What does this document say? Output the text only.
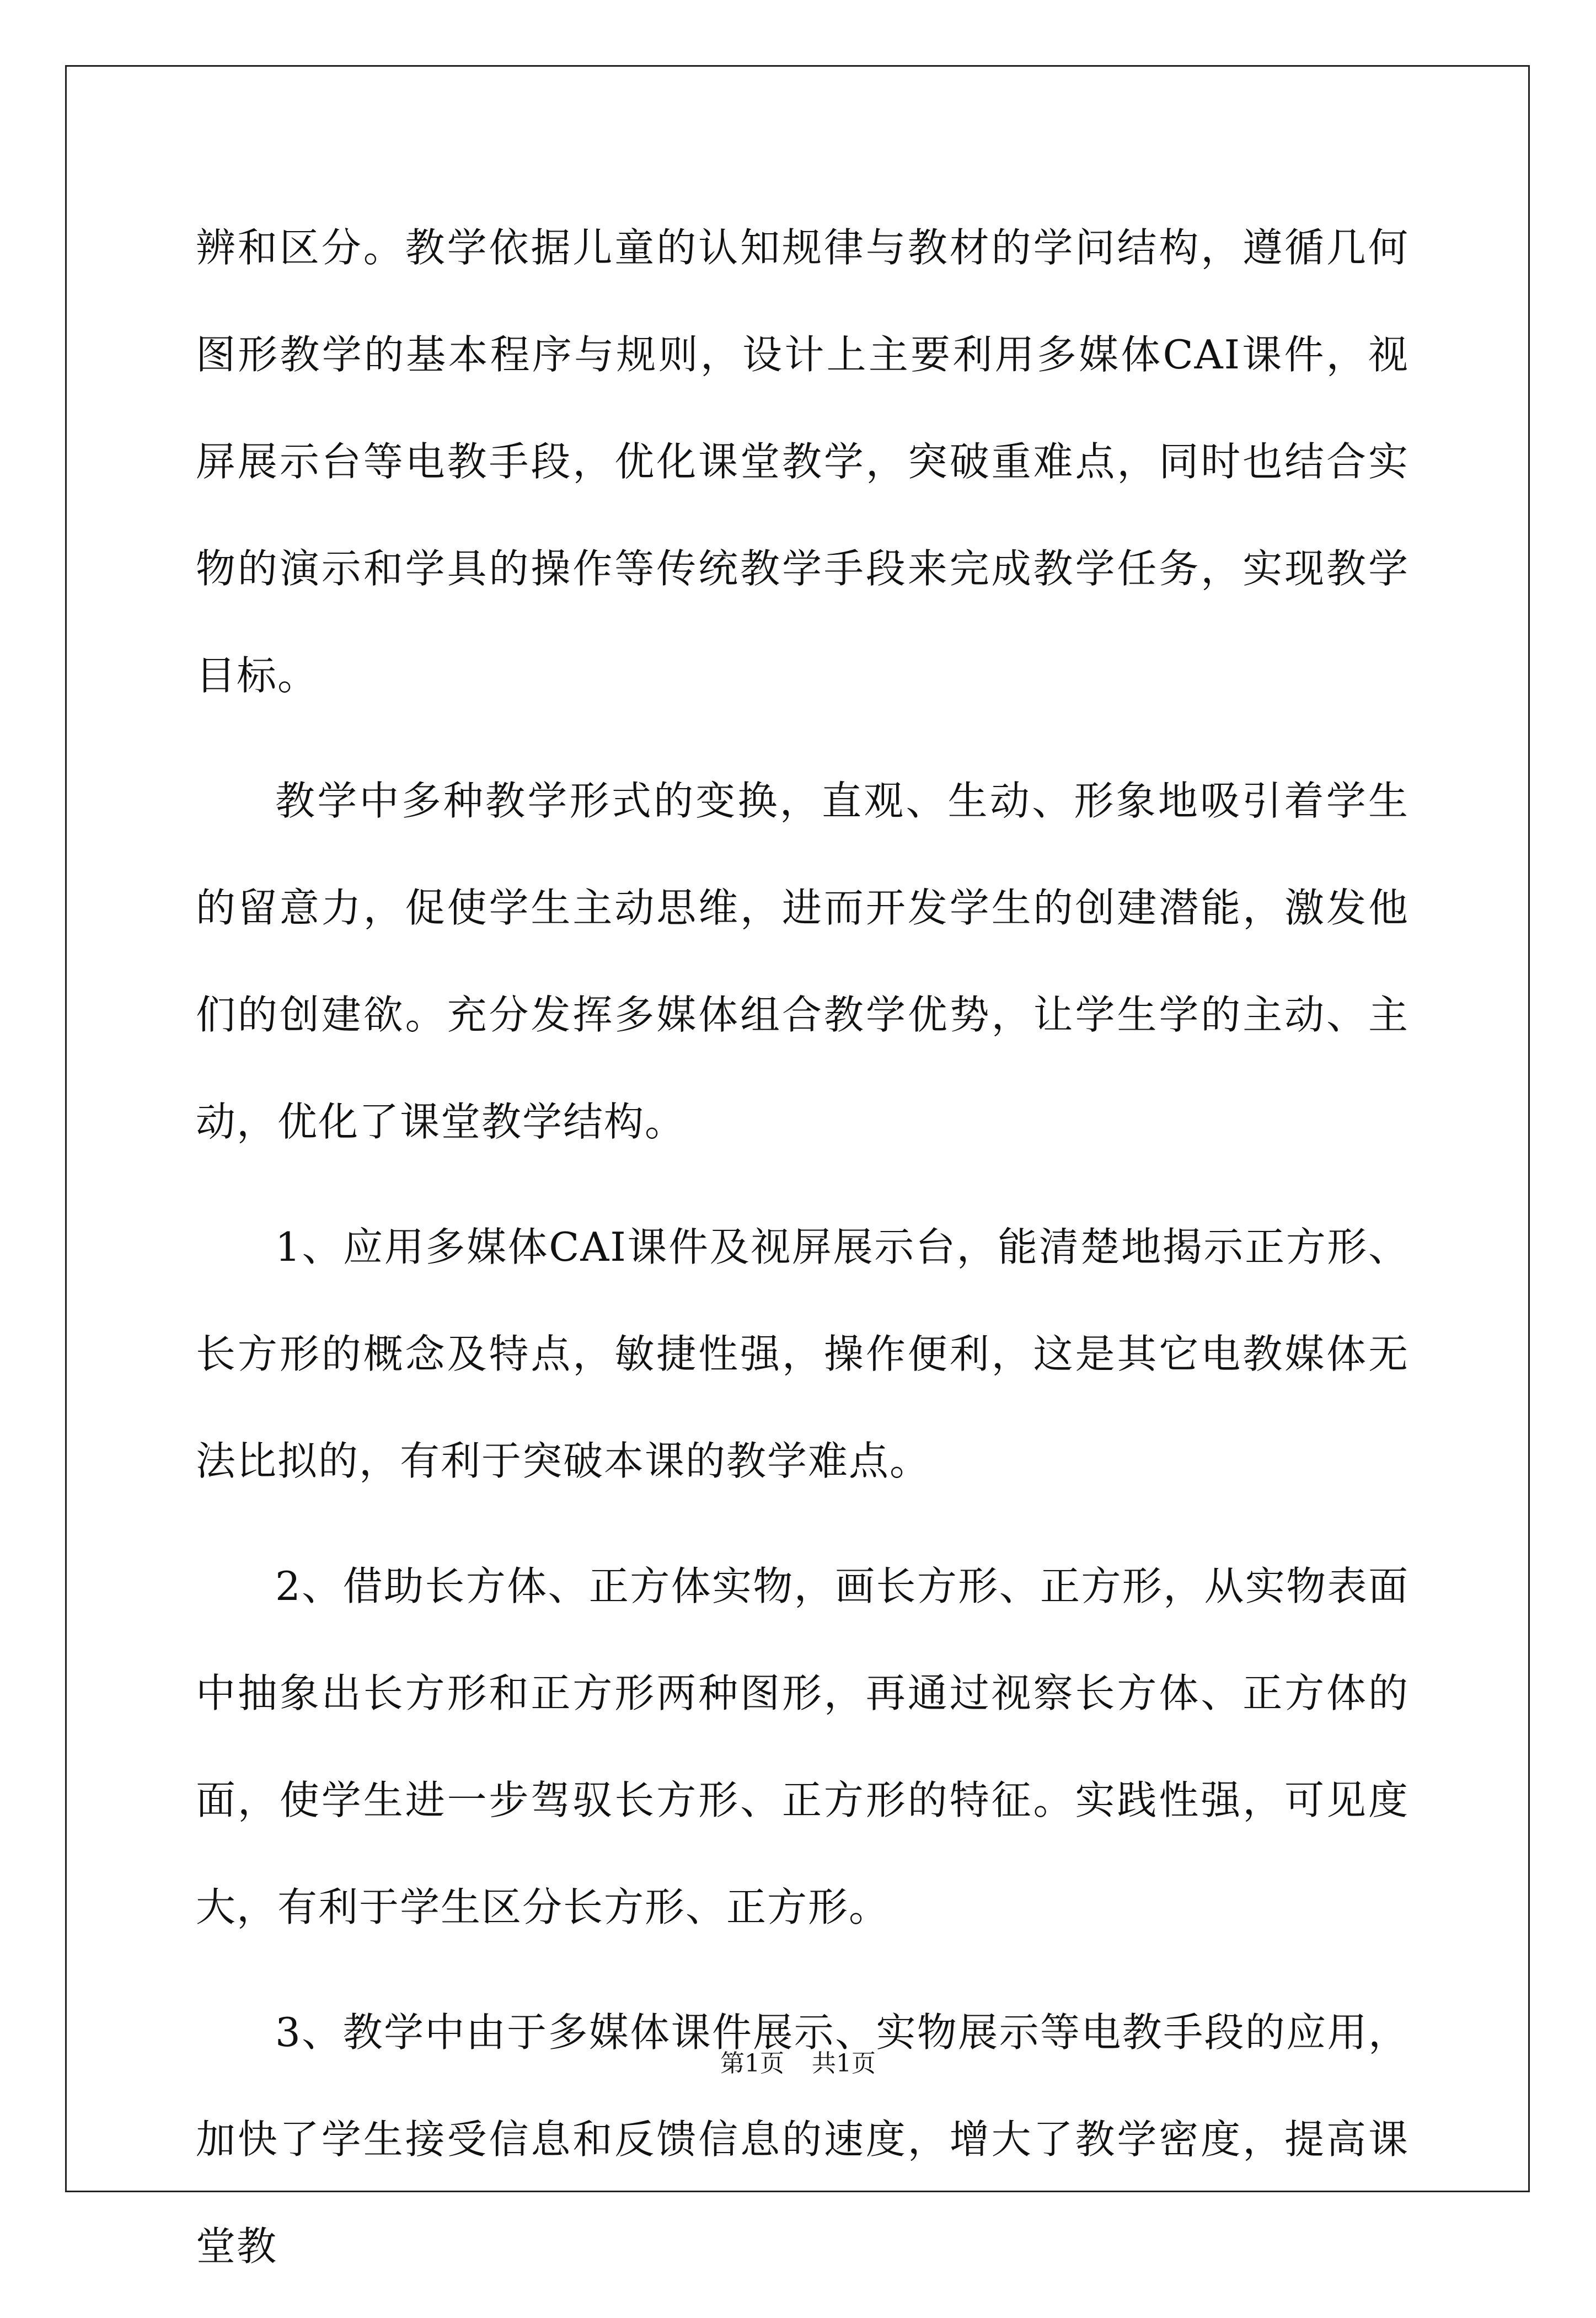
辨和区分。教学依据儿童的认知规律与教材的学问结构，遵循几何图形教学的基本程序与规则，设计上主要利用多媒体CAI课件，视屏展示台等电教手段，优化课堂教学，突破重难点，同时也结合实物的演示和学具的操作等传统教学手段来完成教学任务，实现教学目标。

教学中多种教学形式的变换，直观、生动、形象地吸引着学生的留意力，促使学生主动思维，进而开发学生的创建潜能，激发他们的创建欲。充分发挥多媒体组合教学优势，让学生学的主动、主动，优化了课堂教学结构。

1、应用多媒体CAI课件及视屏展示台，能清楚地揭示正方形、长方形的概念及特点，敏捷性强，操作便利，这是其它电教媒体无法比拟的，有利于突破本课的教学难点。

2、借助长方体、正方体实物，画长方形、正方形，从实物表面中抽象出长方形和正方形两种图形，再通过视察长方体、正方体的面，使学生进一步驾驭长方形、正方形的特征。实践性强，可见度大，有利于学生区分长方形、正方形。

3、教学中由于多媒体课件展示、实物展示等电教手段的应用，加快了学生接受信息和反馈信息的速度，增大了教学密度，提高课堂教

第1页 共1页
